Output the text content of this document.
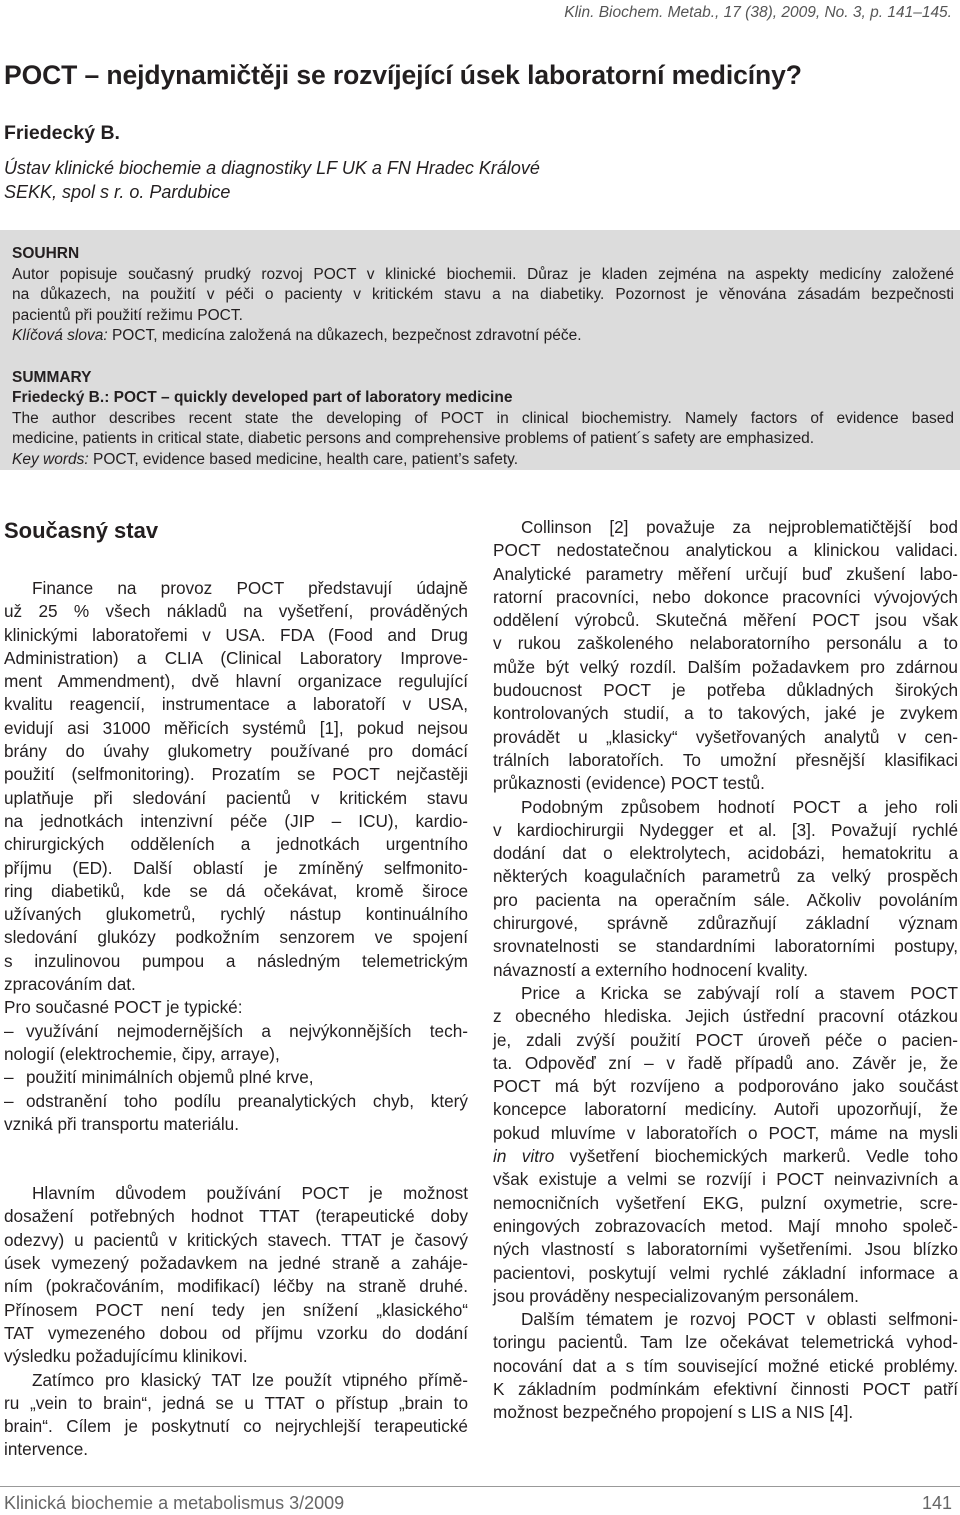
Klin. Biochem. Metab., 17 (38), 2009, No. 3, p. 141–145.
POCT – nejdynamičtěji se rozvíjející úsek laboratorní medicíny?
Friedecký B.
Ústav klinické biochemie a diagnostiky LF UK a FN Hradec Králové
SEKK, spol s r. o. Pardubice
SOUHRN
Autor popisuje současný prudký rozvoj POCT v klinické biochemii. Důraz je kladen zejména na aspekty medicíny založené
na důkazech, na použití v péči o pacienty v kritickém stavu a na diabetiky. Pozornost je věnována zásadám bezpečnosti
pacientů při použití režimu POCT.
Klíčová slova: POCT, medicína založená na důkazech, bezpečnost zdravotní péče.
SUMMARY
Friedecký B.: POCT – quickly developed part of laboratory medicine
The author describes recent state the developing of POCT in clinical biochemistry. Namely factors of evidence based
medicine, patients in critical state, diabetic persons and comprehensive problems of patient´s safety are emphasized.
Key words: POCT, evidence based medicine, health care, patient’s safety.
Současný stav

Finance na provoz POCT představují údajně

už 25 % všech nákladů na vyšetření, prováděných

klinickými laboratořemi v USA. FDA (Food and Drug

Administration) a CLIA (Clinical Laboratory Improve-

ment Ammendment), dvě hlavní organizace regulující

kvalitu reagencií, instrumentace a laboratoří v USA,

evidují asi 31000 měřicích systémů [1], pokud nejsou

brány do úvahy glukometry používané pro domácí

použití (selfmonitoring). Prozatím se POCT nejčastěji

uplatňuje při sledování pacientů v kritickém stavu

na jednotkách intenzivní péče (JIP – ICU), kardio-

chirurgických odděleních a jednotkách urgentního

příjmu (ED). Další oblastí je zmíněný selfmonito-

ring diabetiků, kde se dá očekávat, kromě široce

užívaných glukometrů, rychlý nástup kontinuálního

sledování glukózy podkožním senzorem ve spojení

s inzulinovou pumpou a následným telemetrickým

zpracováním dat.

Pro současné POCT je typické:

– využívání nejmodernějších a nejvýkonnějších tech-

nologií (elektrochemie, čipy, arraye),

– použití minimálních objemů plné krve,

– odstranění toho podílu preanalytických chyb, který

vzniká při transportu materiálu.

Hlavním důvodem používání POCT je možnost

dosažení potřebných hodnot TTAT (terapeutické doby

odezvy) u pacientů v kritických stavech. TTAT je časový

úsek vymezený požadavkem na jedné straně a zaháje-

ním (pokračováním, modifikací) léčby na straně druhé.

Přínosem POCT není tedy jen snížení „klasického“

TAT vymezeného dobou od příjmu vzorku do dodání

výsledku požadujícímu klinikovi.

Zatímco pro klasický TAT lze použít vtipného přímě-

ru „vein to brain“, jedná se u TTAT o přístup „brain to

brain“. Cílem je poskytnutí co nejrychlejší terapeutické

intervence.

Collinson [2] považuje za nejproblematičtější bod

POCT nedostatečnou analytickou a klinickou validaci.

Analytické parametry měření určují buď zkušení labo-

ratorní pracovníci, nebo dokonce pracovníci vývojových

oddělení výrobců. Skutečná měření POCT jsou však

v rukou zaškoleného nelaboratorního personálu a to

může být velký rozdíl. Dalším požadavkem pro zdárnou

budoucnost POCT je potřeba důkladných širokých

kontrolovaných studií, a to takových, jaké je zvykem

provádět u „klasicky“ vyšetřovaných analytů v cen-

trálních laboratořích. To umožní přesnější klasifikaci

průkaznosti (evidence) POCT testů.

Podobným způsobem hodnotí POCT a jeho roli

v kardiochirurgii Nydegger et al. [3]. Považují rychlé

dodání dat o elektrolytech, acidobázi, hematokritu a

některých koagulačních parametrů za velký prospěch

pro pacienta na operačním sále. Ačkoliv povoláním

chirurgové, správně zdůrazňují základní význam

srovnatelnosti se standardními laboratorními postupy,

návazností a externího hodnocení kvality.

Price a Kricka se zabývají rolí a stavem POCT

z obecného hlediska. Jejich ústřední pracovní otázkou

je, zdali zvýší použití POCT úroveň péče o pacien-

ta. Odpověď zní – v řadě případů ano. Závěr je, že

POCT má být rozvíjeno a podporováno jako součást

koncepce laboratorní medicíny. Autoři upozorňují, že

pokud mluvíme v laboratořích o POCT, máme na mysli

in vitro vyšetření biochemických markerů. Vedle toho

však existuje a velmi se rozvíjí i POCT neinvazivních a

nemocničních vyšetření EKG, pulzní oxymetrie, scre-

eningových zobrazovacích metod. Mají mnoho společ-

ných vlastností s laboratorními vyšetřeními. Jsou blízko

pacientovi, poskytují velmi rychlé základní informace a

jsou prováděny nespecializovaným personálem.

Dalším tématem je rozvoj POCT v oblasti selfmoni-

toringu pacientů. Tam lze očekávat telemetrická vyhod-

nocování dat a s tím související možné etické problémy.

K základním podmínkám efektivní činnosti POCT patří

možnost bezpečného propojení s LIS a NIS [4].

Klinická biochemie a metabolismus 3/2009	141
